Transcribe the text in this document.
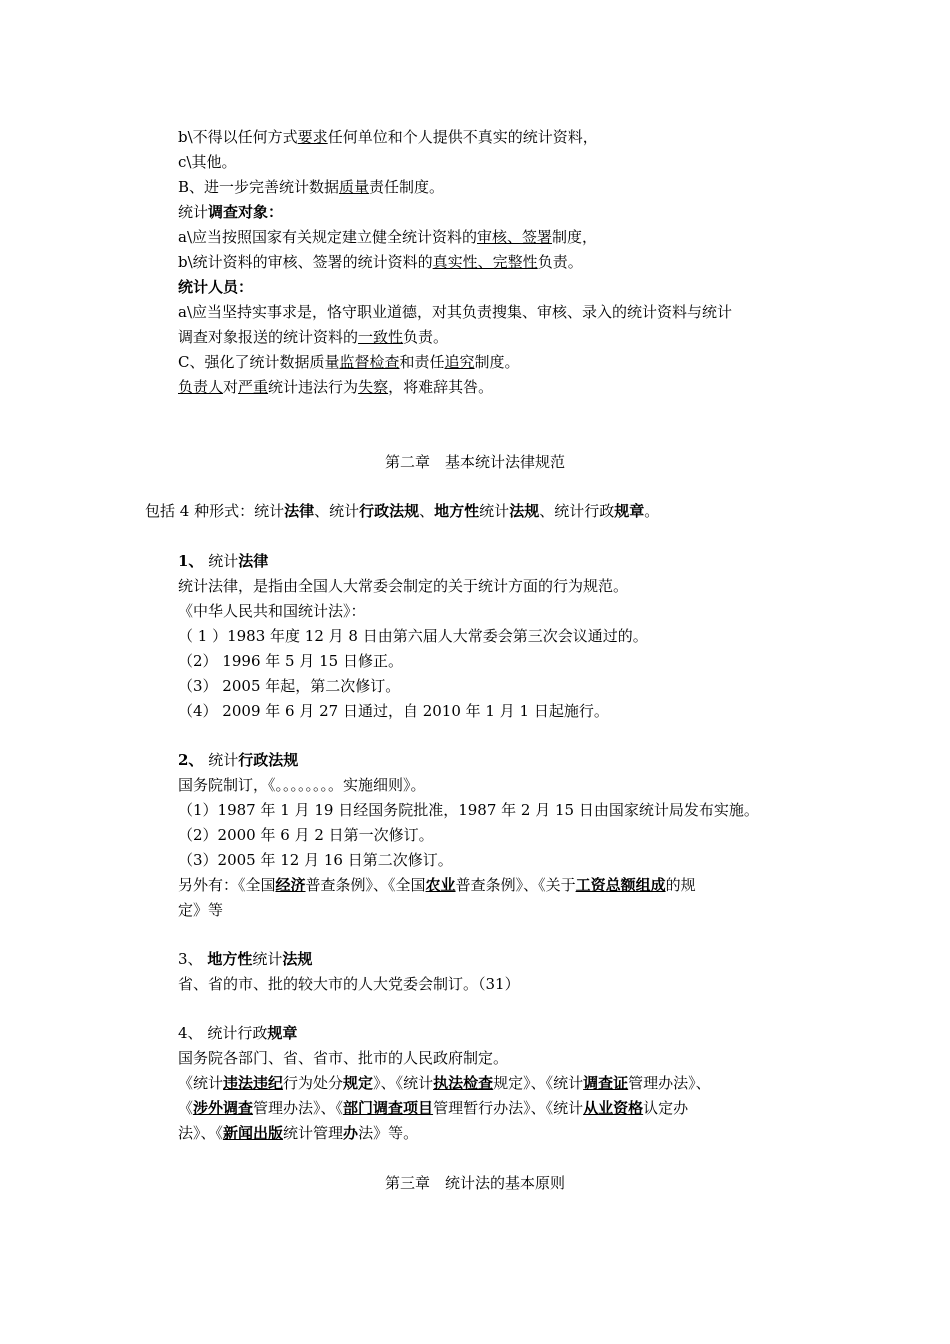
b\不得以任何方式要求任何单位和个人提供不真实的统计资料，
c\其他。
B、进一步完善统计数据质量责任制度。
统计调查对象：
a\应当按照国家有关规定建立健全统计资料的审核、签署制度，
b\统计资料的审核、签署的统计资料的真实性、完整性负责。
统计人员：
a\应当坚持实事求是，恪守职业道德，对其负责搜集、审核、录入的统计资料与统计
调查对象报送的统计资料的一致性负责。
C、强化了统计数据质量监督检查和责任追究制度。
负责人对严重统计违法行为失察，将难辞其咎。
第二章　基本统计法律规范
包括 4 种形式：统计法律、统计行政法规、地方性统计法规、统计行政规章。
1、 统计法律
统计法律，是指由全国人大常委会制定的关于统计方面的行为规范。
《中华人民共和国统计法》：
（ 1 ）1983 年度 12 月 8 日由第六届人大常委会第三次会议通过的。
（2） 1996 年 5 月 15 日修正。
（3） 2005 年起，第二次修订。
（4） 2009 年 6 月 27 日通过，自 2010 年 1 月 1 日起施行。
2、 统计行政法规
国务院制订，《。。。。。。。。实施细则》。
（1）1987 年 1 月 19 日经国务院批准，1987 年 2 月 15 日由国家统计局发布实施。
（2）2000 年 6 月 2 日第一次修订。
（3）2005 年 12 月 16 日第二次修订。
另外有：《全国经济普查条例》、《全国农业普查条例》、《关于工资总额组成的规
定》等
3、 地方性统计法规
省、省的市、批的较大市的人大党委会制订。（31）
4、 统计行政规章
国务院各部门、省、省市、批市的人民政府制定。
《统计违法违纪行为处分规定》、《统计执法检查规定》、《统计调查证管理办法》、
《涉外调查管理办法》、《部门调查项目管理暂行办法》、《统计从业资格认定办
法》、《新闻出版统计管理办法》等。
第三章　统计法的基本原则
